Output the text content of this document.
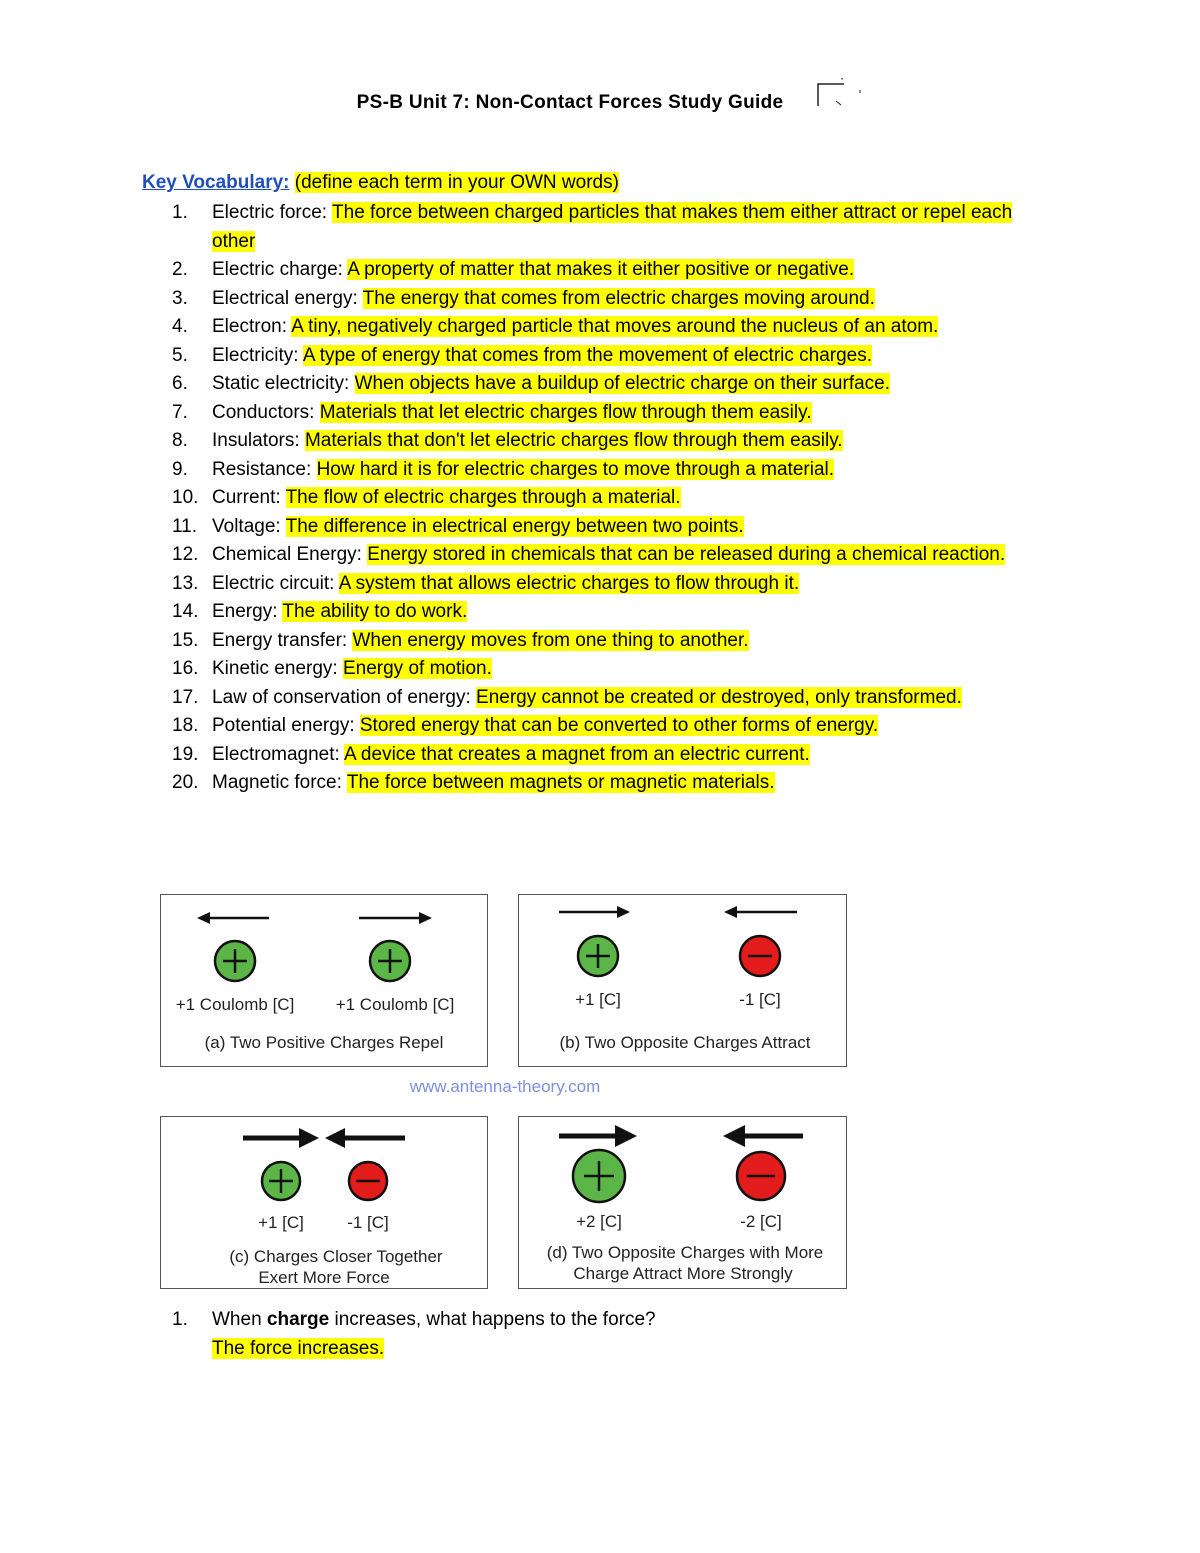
PS-B Unit 7: Non-Contact Forces Study Guide
Key Vocabulary: (define each term in your OWN words)
1. Electric force: The force between charged particles that makes them either attract or repel each other
2. Electric charge: A property of matter that makes it either positive or negative.
3. Electrical energy: The energy that comes from electric charges moving around.
4. Electron: A tiny, negatively charged particle that moves around the nucleus of an atom.
5. Electricity: A type of energy that comes from the movement of electric charges.
6. Static electricity: When objects have a buildup of electric charge on their surface.
7. Conductors: Materials that let electric charges flow through them easily.
8. Insulators: Materials that don't let electric charges flow through them easily.
9. Resistance: How hard it is for electric charges to move through a material.
10. Current: The flow of electric charges through a material.
11. Voltage: The difference in electrical energy between two points.
12. Chemical Energy: Energy stored in chemicals that can be released during a chemical reaction.
13. Electric circuit: A system that allows electric charges to flow through it.
14. Energy: The ability to do work.
15. Energy transfer: When energy moves from one thing to another.
16. Kinetic energy: Energy of motion.
17. Law of conservation of energy: Energy cannot be created or destroyed, only transformed.
18. Potential energy: Stored energy that can be converted to other forms of energy.
19. Electromagnet: A device that creates a magnet from an electric current.
20. Magnetic force: The force between magnets or magnetic materials.
+1 Coulomb [C] +1 Coulomb [C]
(a) Two Positive Charges Repel
+1 [C]	-1 [C]
(b) Two Opposite Charges Attract
www.antenna-theory.com
+1 [C]	-1 [C]
(c) Charges Closer Together
Exert More Force
+2 [C]	-2 [C]
(d) Two Opposite Charges with More
Charge Attract More Strongly
1.	When charge increases, what happens to the force?
The force increases.
